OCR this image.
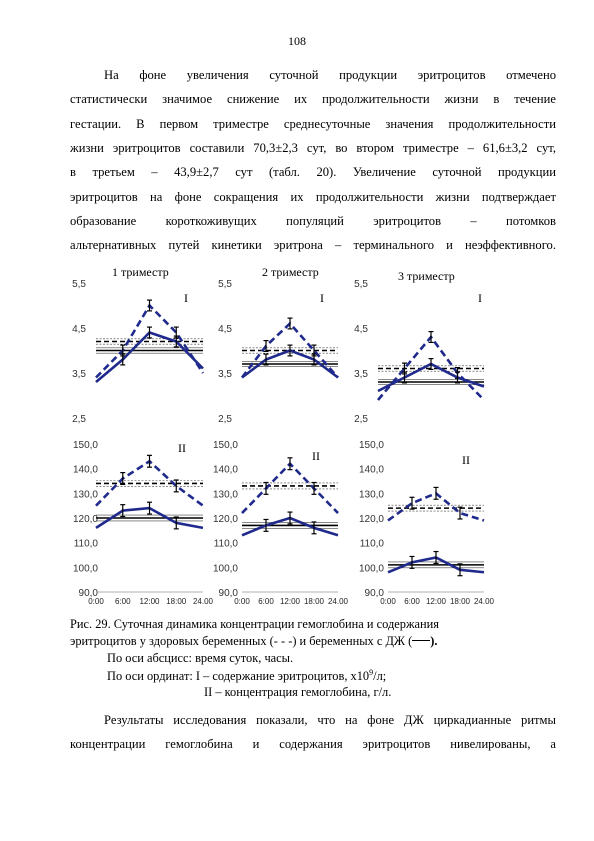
108
На фоне увеличения суточной продукции эритроцитов отмечено
статистически значимое снижение их продолжительности жизни в течение
гестации. В первом триместре среднесуточные значения продолжительности
жизни эритроцитов составили 70,3±2,3 сут, во втором триместре – 61,6±3,2 сут,
в третьем – 43,9±2,7 сут (табл. 20). Увеличение суточной продукции
эритроцитов на фоне сокращения их продолжительности жизни подтверждает
образование короткоживущих популяций эритроцитов – потомков
альтернативных путей кинетики эритрона – терминального и неэффективного.
5,5
4,5
3,5
2,5
1 триместр
I
5,5
4,5
3,5
2,5
2 триместр
I
5,5
4,5
3,5
2,5
3 триместр
I
150,0
140,0
130,0
120,0
110,0
100,0
90,0
0:00 6:00 12:00 18:00 24.00
II	150,0
140,0
130,0
120,0
110,0
100,0
90,0
0:00 6:00 12:00 18:00 24.00
II
150,0
140,0
130,0
120,0
110,0
100,0
90,0
0:00 6:00 12:00 18:00 24.00
II
Рис. 29. Суточная динамика концентрации гемоглобина и содержания
эритроцитов у здоровых беременных (- - -) и беременных с ДЖ ( ).
По оси абсцисс: время суток, часы.
По оси ординат: I – содержание эритроцитов, $х10^9/л$;
II – концентрация гемоглобина, г/л.
Результаты исследования показали, что на фоне ДЖ циркадианные ритмы
концентрации гемоглобина и содержания эритроцитов нивелированы, а
